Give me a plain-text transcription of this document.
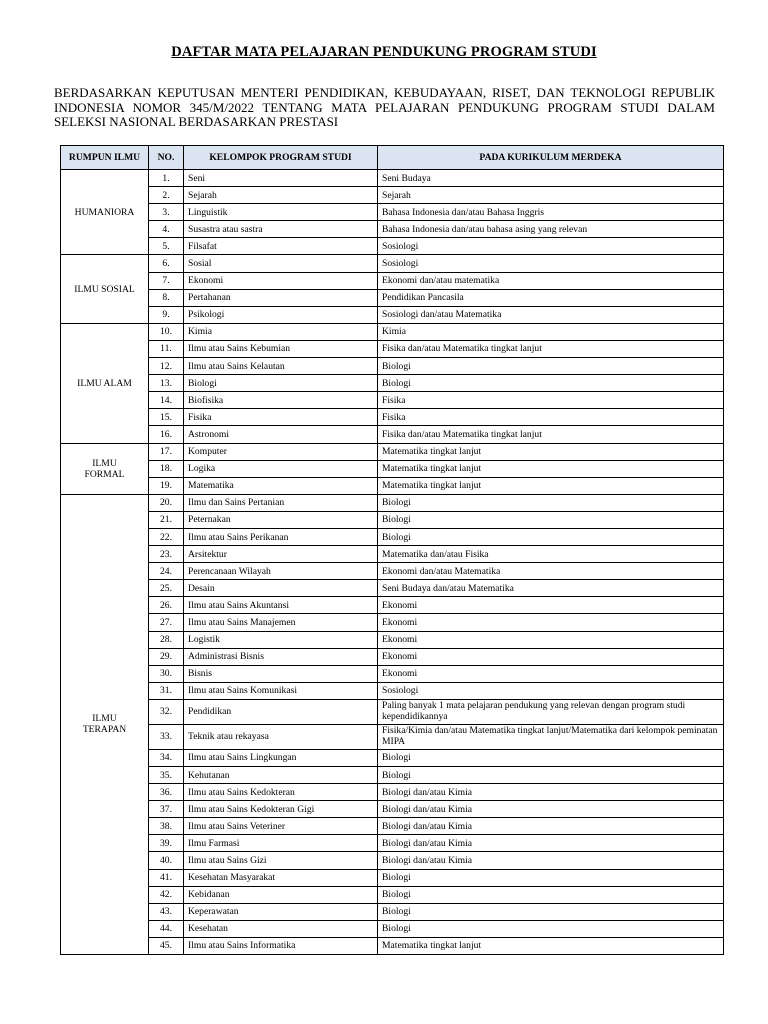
DAFTAR MATA PELAJARAN PENDUKUNG PROGRAM STUDI
BERDASARKAN KEPUTUSAN MENTERI PENDIDIKAN, KEBUDAYAAN, RISET, DAN TEKNOLOGI REPUBLIK INDONESIA NOMOR 345/M/2022 TENTANG MATA PELAJARAN PENDUKUNG PROGRAM STUDI DALAM SELEKSI NASIONAL BERDASARKAN PRESTASI
RUMPUN ILMU	NO.	KELOMPOK PROGRAM STUDI	PADA KURIKULUM MERDEKA
HUMANIORA	1.	Seni	Seni Budaya
	2.	Sejarah	Sejarah
	3.	Linguistik	Bahasa Indonesia dan/atau Bahasa Inggris
	4.	Susastra atau sastra	Bahasa Indonesia dan/atau bahasa asing yang relevan
	5.	Filsafat	Sosiologi
ILMU SOSIAL	6.	Sosial	Sosiologi
	7.	Ekonomi	Ekonomi dan/atau matematika
	8.	Pertahanan	Pendidikan Pancasila
	9.	Psikologi	Sosiologi dan/atau Matematika
ILMU ALAM	10.	Kimia	Kimia
	11.	Ilmu atau Sains Kebumian	Fisika dan/atau Matematika tingkat lanjut
	12.	Ilmu atau Sains Kelautan	Biologi
	13.	Biologi	Biologi
	14.	Biofisika	Fisika
	15.	Fisika	Fisika
	16.	Astronomi	Fisika dan/atau Matematika tingkat lanjut
ILMU FORMAL	17.	Komputer	Matematika tingkat lanjut
	18.	Logika	Matematika tingkat lanjut
	19.	Matematika	Matematika tingkat lanjut
ILMU TERAPAN	20.	Ilmu dan Sains Pertanian	Biologi
	21.	Peternakan	Biologi
	22.	Ilmu atau Sains Perikanan	Biologi
	23.	Arsitektur	Matematika dan/atau Fisika
	24.	Perencanaan Wilayah	Ekonomi dan/atau Matematika
	25.	Desain	Seni Budaya dan/atau Matematika
	26.	Ilmu atau Sains Akuntansi	Ekonomi
	27.	Ilmu atau Sains Manajemen	Ekonomi
	28.	Logistik	Ekonomi
	29.	Administrasi Bisnis	Ekonomi
	30.	Bisnis	Ekonomi
	31.	Ilmu atau Sains Komunikasi	Sosiologi
	32.	Pendidikan	Paling banyak 1 mata pelajaran pendukung yang relevan dengan program studi kependidikannya
	33.	Teknik atau rekayasa	Fisika/Kimia dan/atau Matematika tingkat lanjut/Matematika dari kelompok peminatan MIPA
	34.	Ilmu atau Sains Lingkungan	Biologi
	35.	Kehutanan	Biologi
	36.	Ilmu atau Sains Kedokteran	Biologi dan/atau Kimia
	37.	Ilmu atau Sains Kedokteran Gigi	Biologi dan/atau Kimia
	38.	Ilmu atau Sains Veteriner	Biologi dan/atau Kimia
	39.	Ilmu Farmasi	Biologi dan/atau Kimia
	40.	Ilmu atau Sains Gizi	Biologi dan/atau Kimia
	41.	Kesehatan Masyarakat	Biologi
	42.	Kebidanan	Biologi
	43.	Keperawatan	Biologi
	44.	Kesehatan	Biologi
	45.	Ilmu atau Sains Informatika	Matematika tingkat lanjut
